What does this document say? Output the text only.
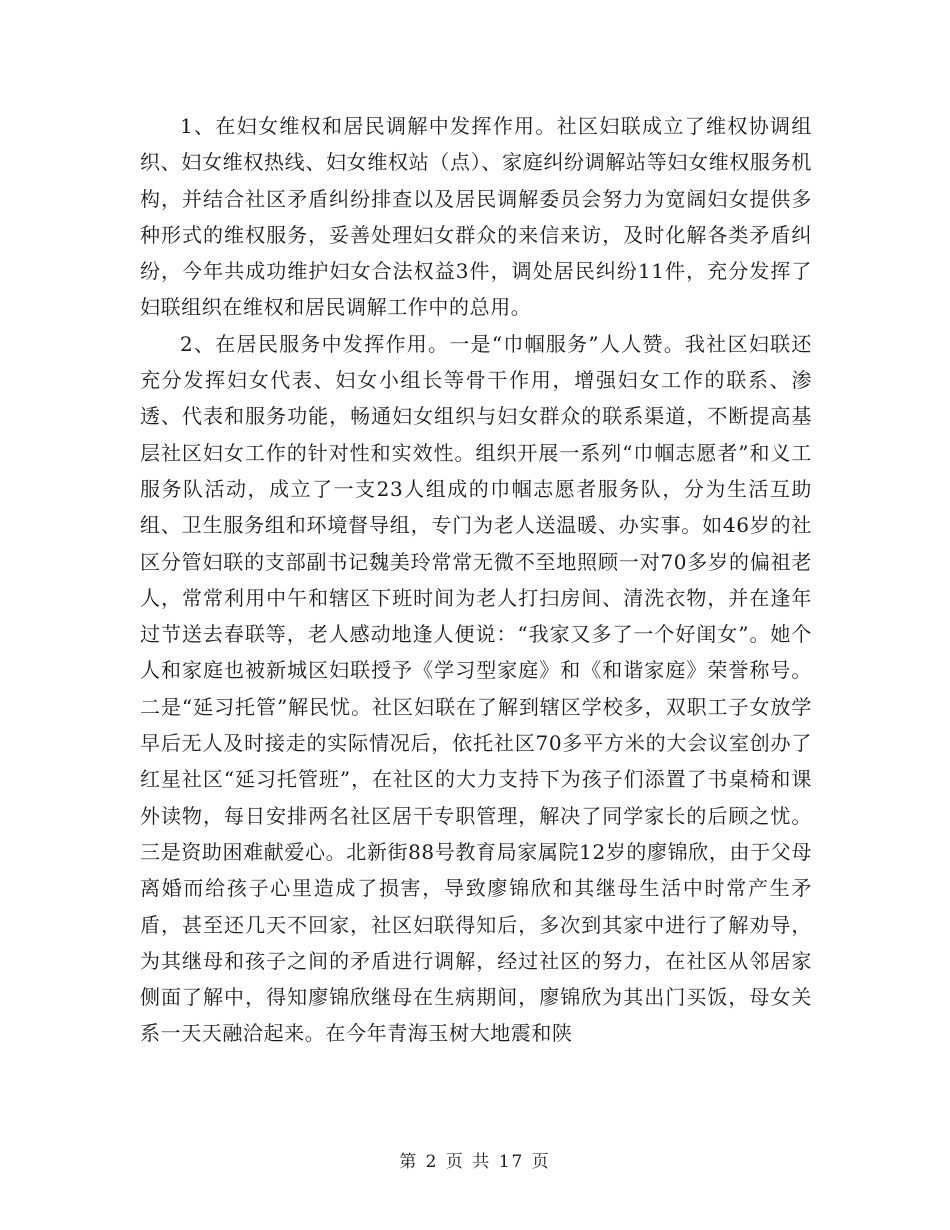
1、在妇女维权和居民调解中发挥作用。社区妇联成立了维权协调组织、妇女维权热线、妇女维权站（点）、家庭纠纷调解站等妇女维权服务机构，并结合社区矛盾纠纷排查以及居民调解委员会努力为宽阔妇女提供多种形式的维权服务，妥善处理妇女群众的来信来访，及时化解各类矛盾纠纷，今年共成功维护妇女合法权益3件，调处居民纠纷11件，充分发挥了妇联组织在维权和居民调解工作中的总用。

2、在居民服务中发挥作用。一是“巾帼服务”人人赞。我社区妇联还充分发挥妇女代表、妇女小组长等骨干作用，增强妇女工作的联系、渗透、代表和服务功能，畅通妇女组织与妇女群众的联系渠道，不断提高基层社区妇女工作的针对性和实效性。组织开展一系列“巾帼志愿者”和义工服务队活动，成立了一支23人组成的巾帼志愿者服务队，分为生活互助组、卫生服务组和环境督导组，专门为老人送温暖、办实事。如46岁的社区分管妇联的支部副书记魏美玲常常无微不至地照顾一对70多岁的偏祖老人，常常利用中午和辖区下班时间为老人打扫房间、清洗衣物，并在逢年过节送去春联等，老人感动地逢人便说：“我家又多了一个好闺女”。她个人和家庭也被新城区妇联授予《学习型家庭》和《和谐家庭》荣誉称号。二是“延习托管”解民忧。社区妇联在了解到辖区学校多，双职工子女放学早后无人及时接走的实际情况后，依托社区70多平方米的大会议室创办了红星社区“延习托管班”，在社区的大力支持下为孩子们添置了书桌椅和课外读物，每日安排两名社区居干专职管理，解决了同学家长的后顾之忧。三是资助困难献爱心。北新街88号教育局家属院12岁的廖锦欣，由于父母离婚而给孩子心里造成了损害，导致廖锦欣和其继母生活中时常产生矛盾，甚至还几天不回家，社区妇联得知后，多次到其家中进行了解劝导，为其继母和孩子之间的矛盾进行调解，经过社区的努力，在社区从邻居家侧面了解中，得知廖锦欣继母在生病期间，廖锦欣为其出门买饭，母女关系一天天融洽起来。在今年青海玉树大地震和陕

第 2 页 共 17 页
